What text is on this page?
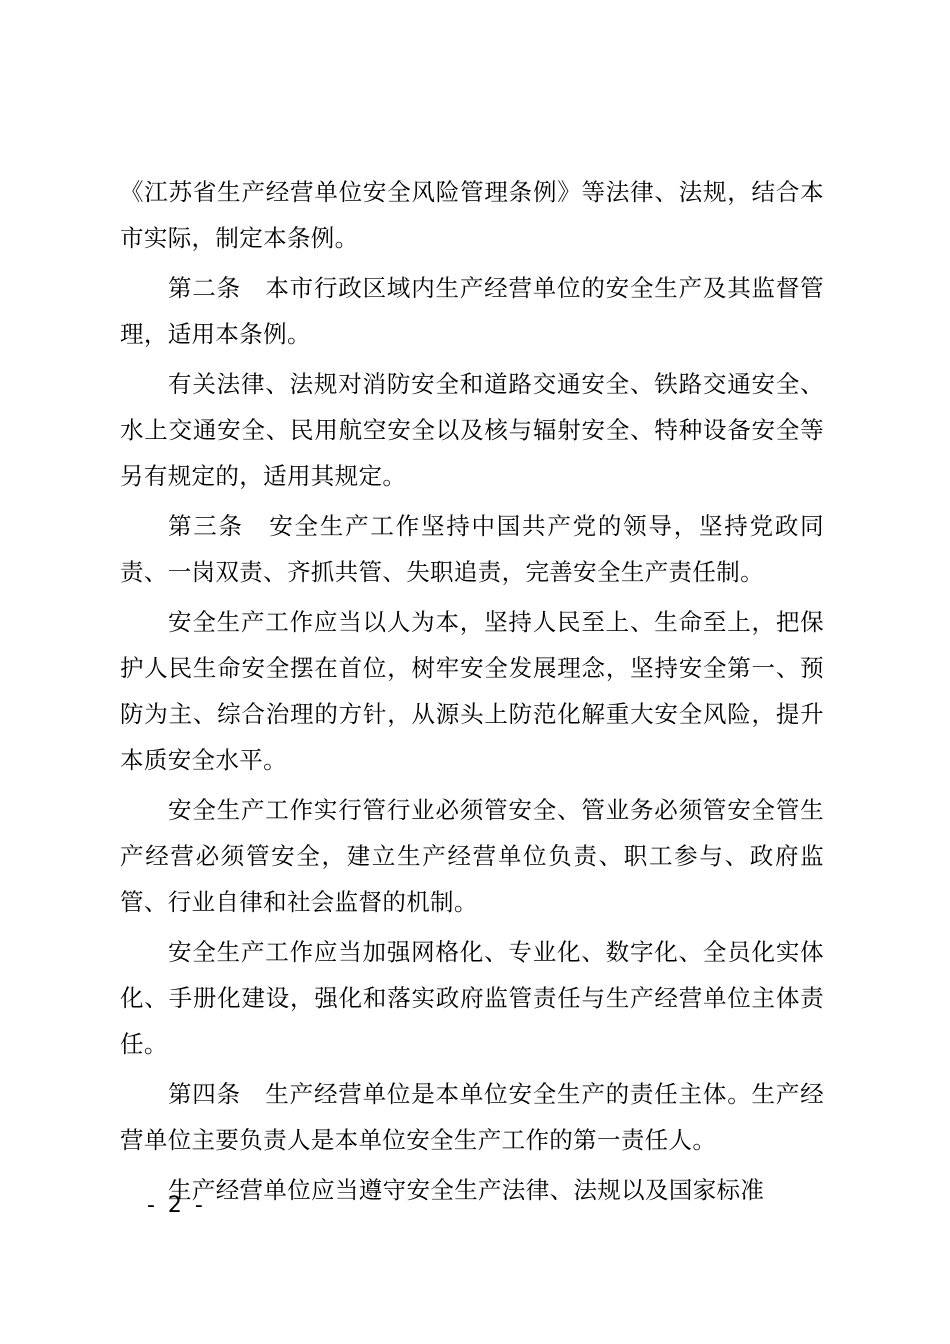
《江苏省生产经营单位安全风险管理条例》等法律、法规，结合本市实际，制定本条例。

第二条 本市行政区域内生产经营单位的安全生产及其监督管理，适用本条例。

有关法律、法规对消防安全和道路交通安全、铁路交通安全、水上交通安全、民用航空安全以及核与辐射安全、特种设备安全等另有规定的，适用其规定。

第三条 安全生产工作坚持中国共产党的领导，坚持党政同责、一岗双责、齐抓共管、失职追责，完善安全生产责任制。

安全生产工作应当以人为本，坚持人民至上、生命至上，把保护人民生命安全摆在首位，树牢安全发展理念，坚持安全第一、预防为主、综合治理的方针，从源头上防范化解重大安全风险，提升本质安全水平。

安全生产工作实行管行业必须管安全、管业务必须管安全管生产经营必须管安全，建立生产经营单位负责、职工参与、政府监管、行业自律和社会监督的机制。

安全生产工作应当加强网格化、专业化、数字化、全员化实体化、手册化建设，强化和落实政府监管责任与生产经营单位主体责任。

第四条 生产经营单位是本单位安全生产的责任主体。生产经营单位主要负责人是本单位安全生产工作的第一责任人。

生产经营单位应当遵守安全生产法律、法规以及国家标准

- 2 -
